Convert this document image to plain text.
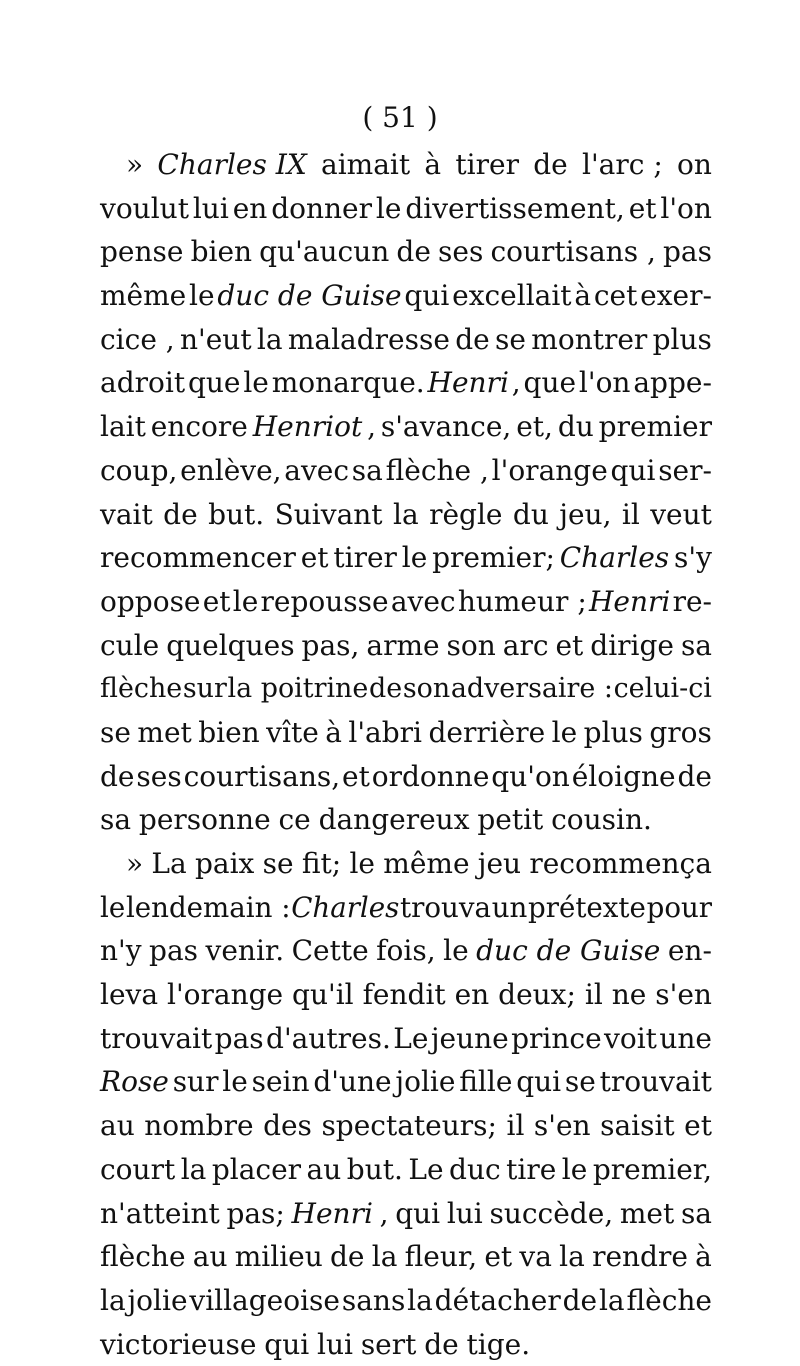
( 51 )
» Charles IX aimait à tirer de l'arc ; on
voulut lui en donner le divertissement, et l'on
pense bien qu'aucun de ses courtisans , pas
même le duc de Guise qui excellait à cet exer-
cice , n'eut la maladresse de se montrer plus
adroit que le monarque. Henri , que l'on appe-
lait encore Henriot , s'avance, et, du premier
coup, enlève, avec sa flèche , l'orange qui ser-
vait de but. Suivant la règle du jeu, il veut
recommencer et tirer le premier; Charles s'y
oppose et le repousse avec humeur ; Henri re-
cule quelques pas, arme son arc et dirige sa
flèche sur la poitrine de son adversaire : celui-ci
se met bien vîte à l'abri derrière le plus gros
de ses courtisans, et ordonne qu'on éloigne de
sa personne ce dangereux petit cousin.
» La paix se fit; le même jeu recommença
le lendemain : Charles trouva un prétexte pour
n'y pas venir. Cette fois, le duc de Guise en-
leva l'orange qu'il fendit en deux; il ne s'en
trouvait pas d'autres. Le jeune prince voit une
Rose sur le sein d'une jolie fille qui se trouvait
au nombre des spectateurs; il s'en saisit et
court la placer au but. Le duc tire le premier,
n'atteint pas; Henri , qui lui succède, met sa
flèche au milieu de la fleur, et va la rendre à
la jolie villageoise sans la détacher de la flèche
victorieuse qui lui sert de tige.
